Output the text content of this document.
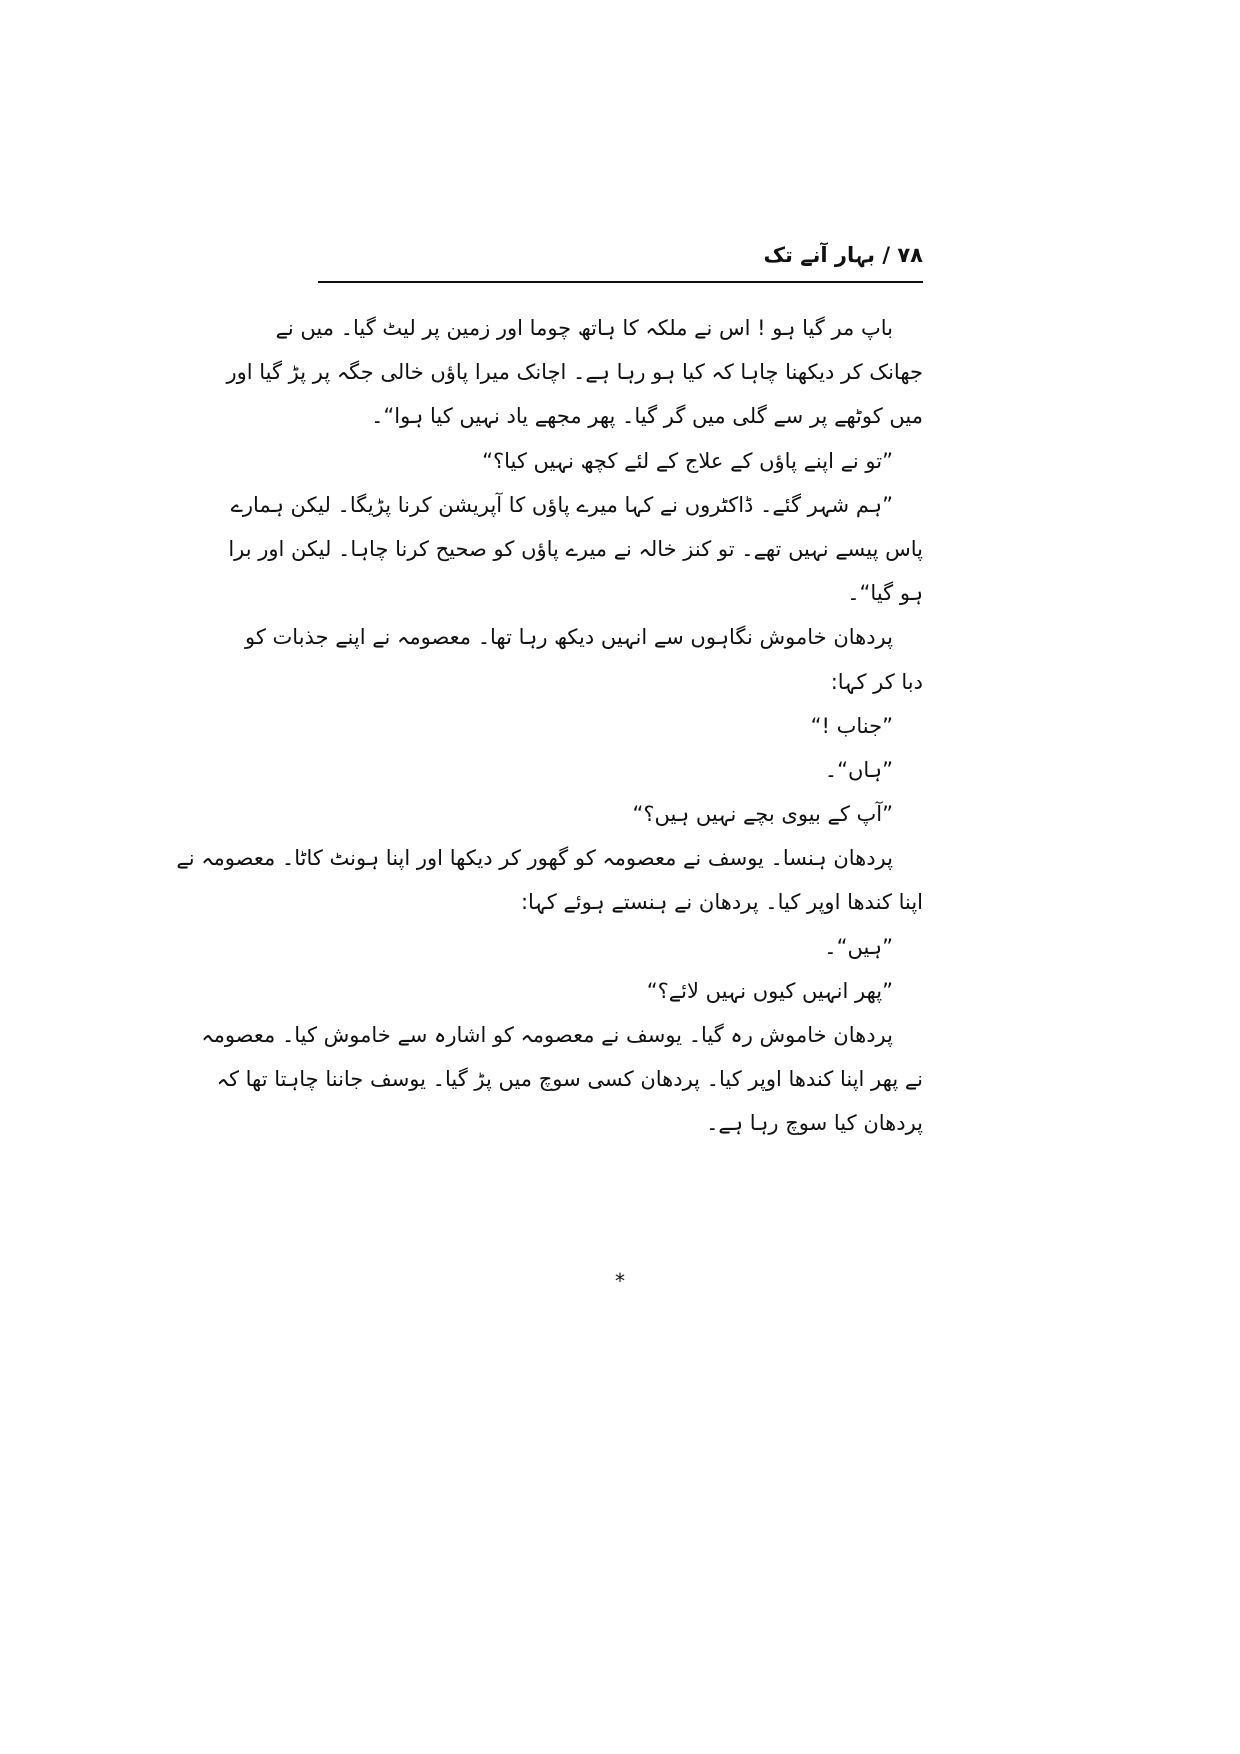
۷۸ / بہار آنے تک
باپ مر گیا ہو ! اس نے ملکہ کا ہاتھ چوما اور زمین پر لیٹ گیا۔ میں نے
جھانک کر دیکھنا چاہا کہ کیا ہو رہا ہے۔ اچانک میرا پاؤں خالی جگہ پر پڑ گیا اور
میں کوٹھے پر سے گلی میں گر گیا۔ پھر مجھے یاد نہیں کیا ہوا“۔
”تو نے اپنے پاؤں کے علاج کے لئے کچھ نہیں کیا؟“
”ہم شہر گئے۔ ڈاکٹروں نے کہا میرے پاؤں کا آپریشن کرنا پڑیگا۔ لیکن ہمارے
پاس پیسے نہیں تھے۔ تو کنز خالہ نے میرے پاؤں کو صحیح کرنا چاہا۔ لیکن اور برا
ہو گیا“۔
پردھان خاموش نگاہوں سے انہیں دیکھ رہا تھا۔ معصومہ نے اپنے جذبات کو
دبا کر کہا:
”جناب !“
”ہاں“۔
”آپ کے بیوی بچے نہیں ہیں؟“
پردھان ہنسا۔ یوسف نے معصومہ کو گھور کر دیکھا اور اپنا ہونٹ کاٹا۔ معصومہ نے
اپنا کندھا اوپر کیا۔ پردھان نے ہنستے ہوئے کہا:
”ہیں“۔
”پھر انہیں کیوں نہیں لائے؟“
پردھان خاموش رہ گیا۔ یوسف نے معصومہ کو اشارہ سے خاموش کیا۔ معصومہ
نے پھر اپنا کندھا اوپر کیا۔ پردھان کسی سوچ میں پڑ گیا۔ یوسف جاننا چاہتا تھا کہ
پردھان کیا سوچ رہا ہے۔
*
